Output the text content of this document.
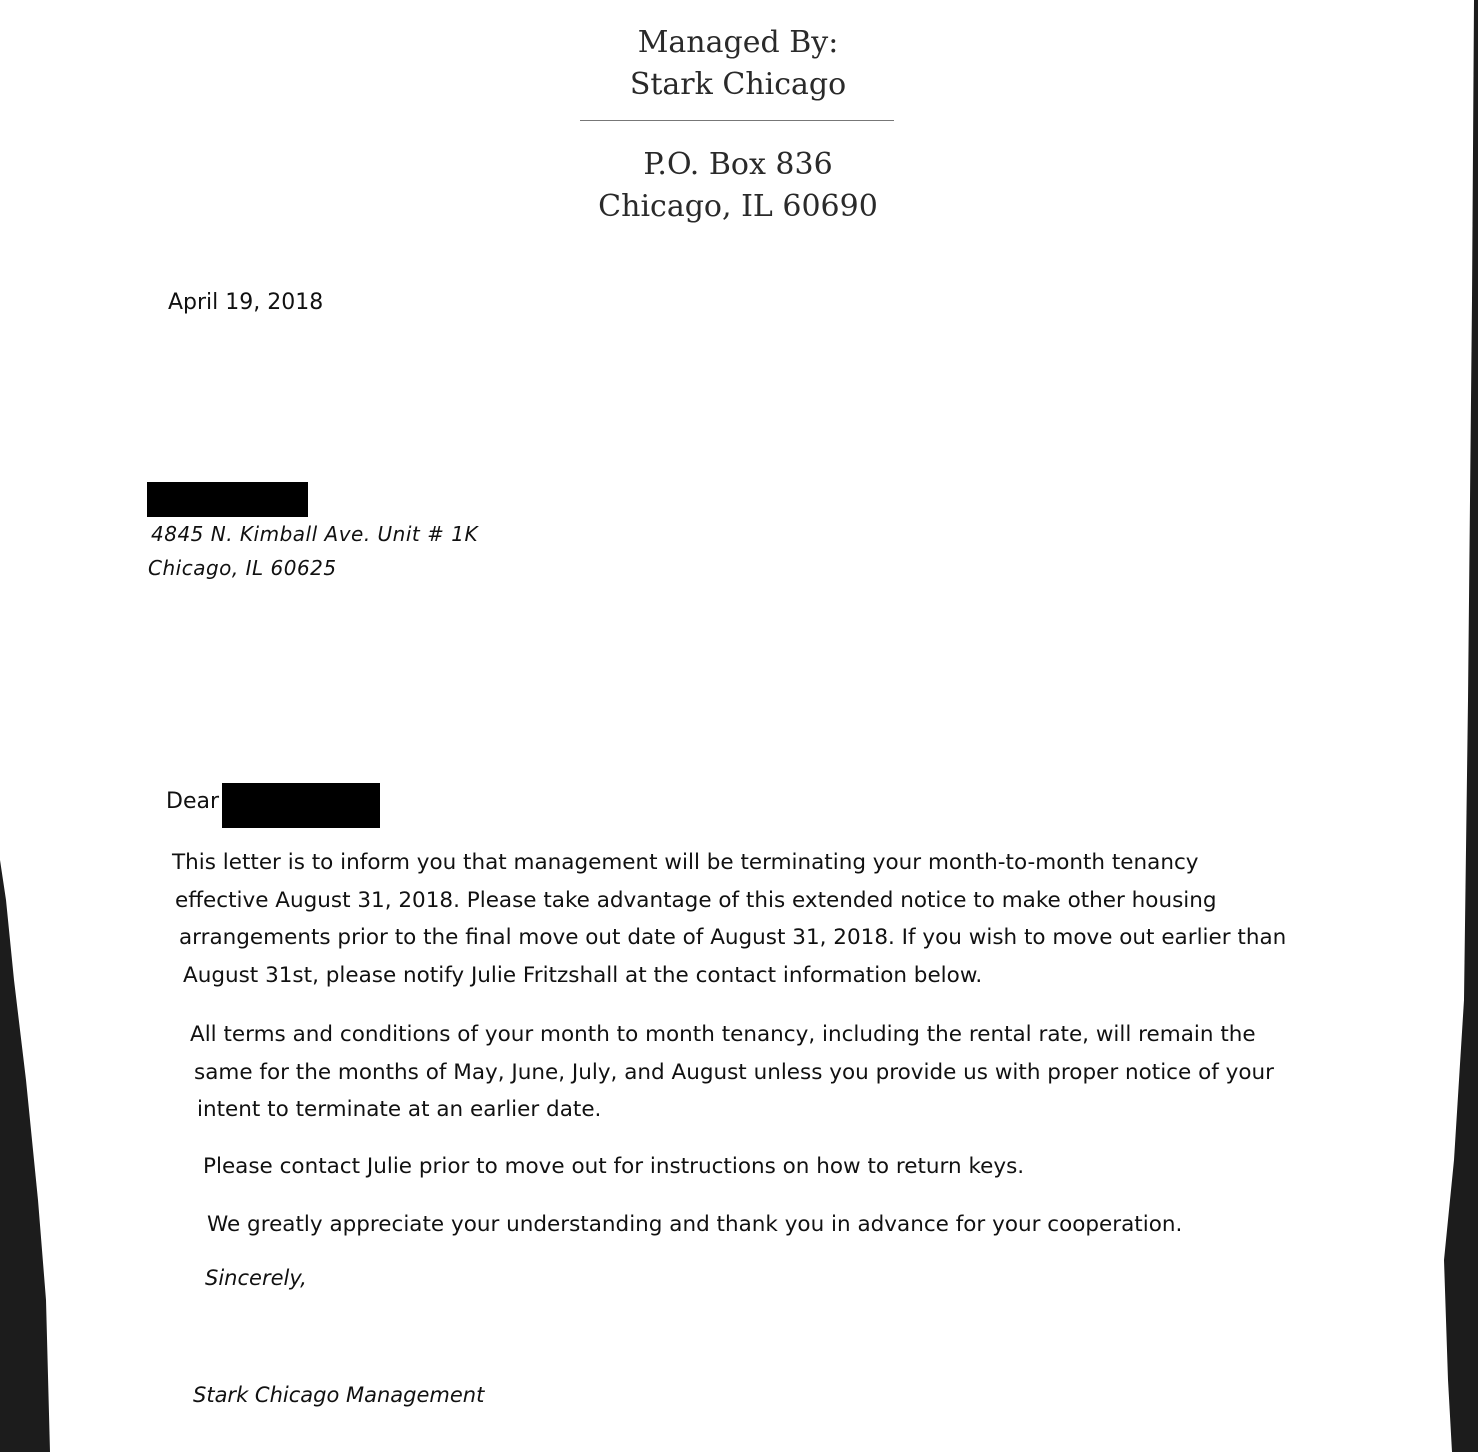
Managed By:
Stark Chicago
P.O. Box 836
Chicago, IL 60690
April 19, 2018
4845 N. Kimball Ave. Unit # 1K
Chicago, IL 60625
Dear
This letter is to inform you that management will be terminating your month-to-month tenancy
effective August 31, 2018. Please take advantage of this extended notice to make other housing
arrangements prior to the final move out date of August 31, 2018. If you wish to move out earlier than
August 31st, please notify Julie Fritzshall at the contact information below.
All terms and conditions of your month to month tenancy, including the rental rate, will remain the
same for the months of May, June, July, and August unless you provide us with proper notice of your
intent to terminate at an earlier date.
Please contact Julie prior to move out for instructions on how to return keys.
We greatly appreciate your understanding and thank you in advance for your cooperation.
Sincerely,
Stark Chicago Management
